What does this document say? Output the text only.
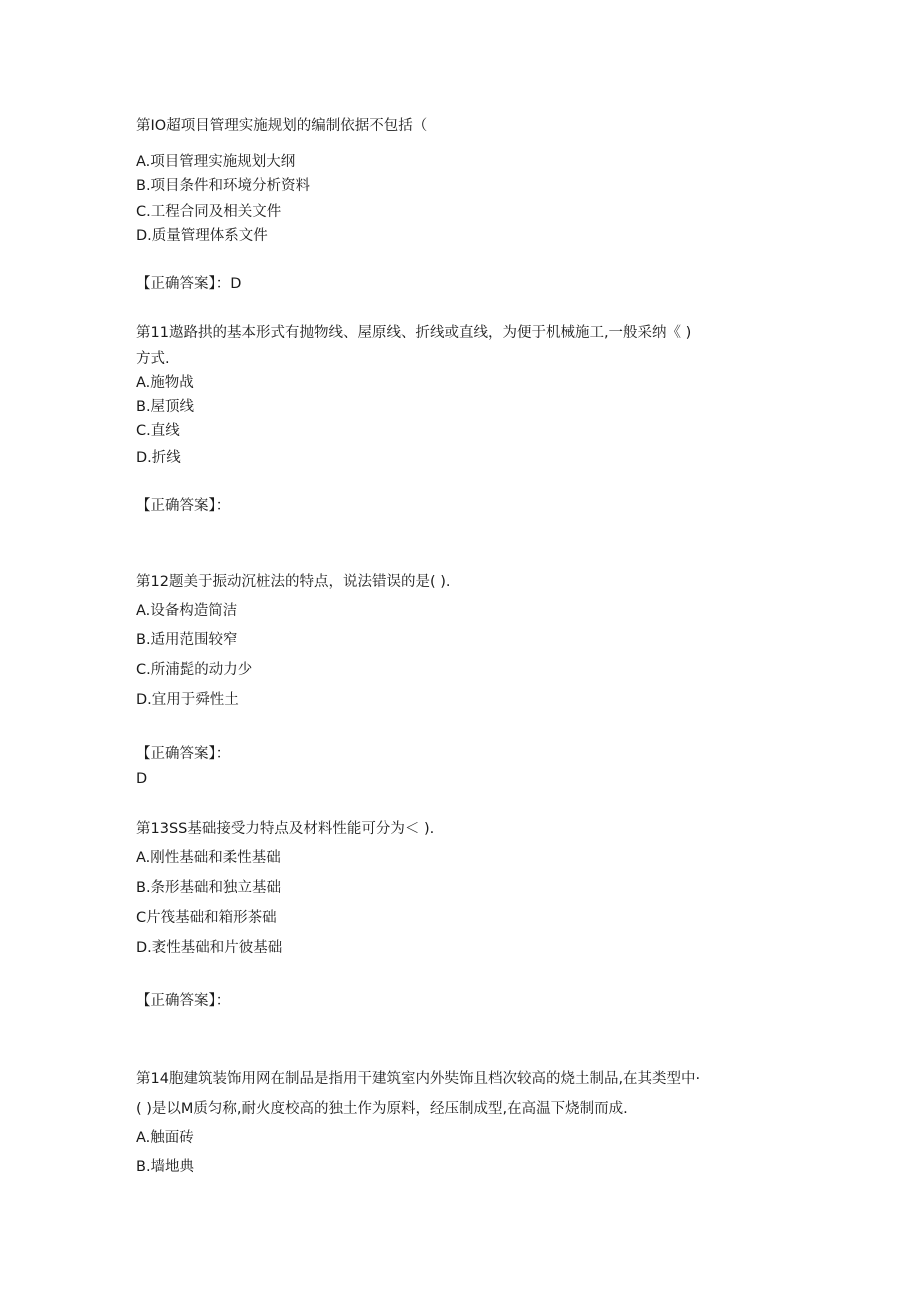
第IO超项目管理实施规划的编制依据不包括（
A.项目管理实施规划大纲
B.项目条件和环境分析资料
C.工程合同及相关文件
D.质量管理体系文件
【正确答案】：D
第11遨路拱的基本形式有抛物线、屋原线、折线或直线，为便于机械施工,一般采纳《 )
方式.
A.施物战
B.屋顶线
C.直线
D.折线
【正确答案】：
第12题美于振动沉桩法的特点，说法错误的是( ).
A.设备构造简洁
B.适用范围较窄
C.所浦髭的动力少
D.宜用于舜性土
【正确答案】：
D
第13SS基础接受力特点及材料性能可分为＜ ).
A.刚性基础和柔性基础
B.条形基础和独立基础
C片筏基础和箱形茶础
D.袤性基础和片彼基础
【正确答案】：
第14胞建筑装饰用网在制品是指用干建筑室内外奘饰且档次较高的烧土制品,在其类型中·
( )是以M质匀称,耐火度校高的独土作为原料，经压制成型,在高温下烧制而成.
A.触面砖
B.墙地典
